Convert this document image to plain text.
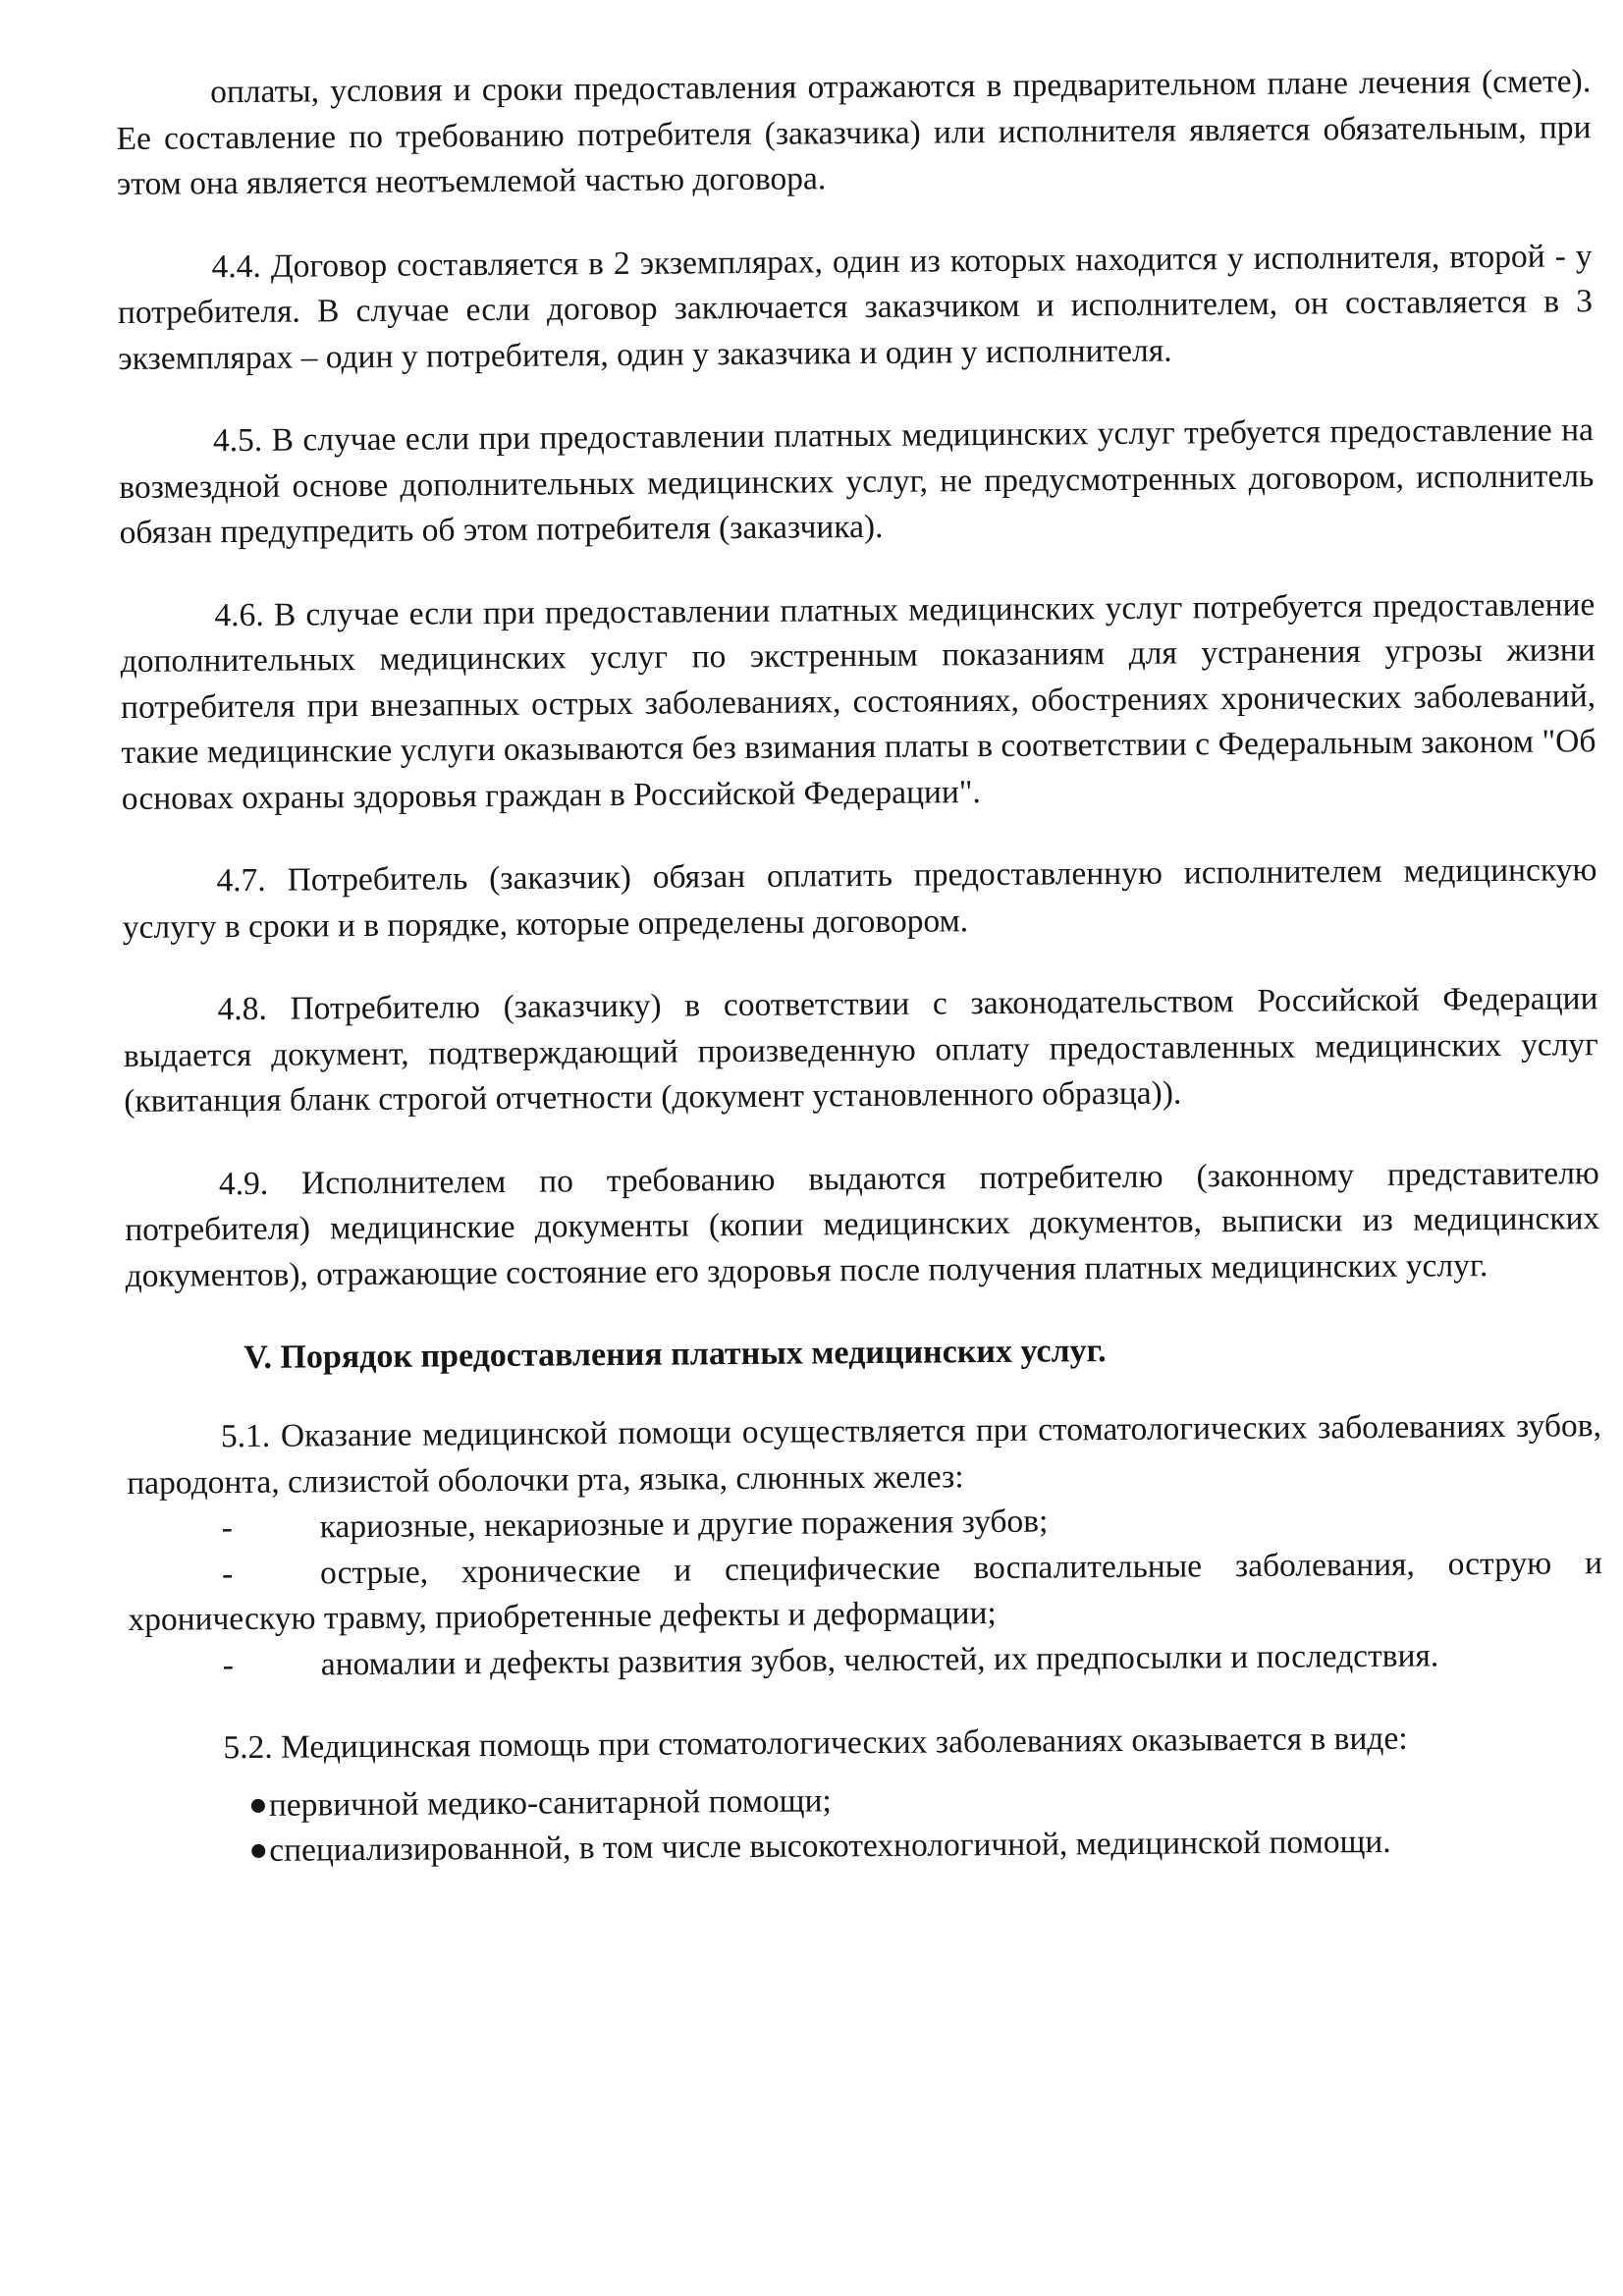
оплаты, условия и сроки предоставления отражаются в предварительном плане лечения (смете). Ее составление по требованию потребителя (заказчика) или исполнителя является обязательным, при этом она является неотъемлемой частью договора.

4.4. Договор составляется в 2 экземплярах, один из которых находится у исполнителя, второй - у потребителя. В случае если договор заключается заказчиком и исполнителем, он составляется в 3 экземплярах – один у потребителя, один у заказчика и один у исполнителя.

4.5. В случае если при предоставлении платных медицинских услуг требуется предоставление на возмездной основе дополнительных медицинских услуг, не предусмотренных договором, исполнитель обязан предупредить об этом потребителя (заказчика).

4.6. В случае если при предоставлении платных медицинских услуг потребуется предоставление дополнительных медицинских услуг по экстренным показаниям для устранения угрозы жизни потребителя при внезапных острых заболеваниях, состояниях, обострениях хронических заболеваний, такие медицинские услуги оказываются без взимания платы в соответствии с Федеральным законом "Об основах охраны здоровья граждан в Российской Федерации".

4.7. Потребитель (заказчик) обязан оплатить предоставленную исполнителем медицинскую услугу в сроки и в порядке, которые определены договором.

4.8. Потребителю (заказчику) в соответствии с законодательством Российской Федерации выдается документ, подтверждающий произведенную оплату предоставленных медицинских услуг (квитанция бланк строгой отчетности (документ установленного образца)).

4.9. Исполнителем по требованию выдаются потребителю (законному представителю потребителя) медицинские документы (копии медицинских документов, выписки из медицинских документов), отражающие состояние его здоровья после получения платных медицинских услуг.

V. Порядок предоставления платных медицинских услуг.

5.1. Оказание медицинской помощи осуществляется при стоматологических заболеваниях зубов, пародонта, слизистой оболочки рта, языка, слюнных желез:

-	кариозные, некариозные и другие поражения зубов;

-	острые, хронические и специфические воспалительные заболевания, острую и хроническую травму, приобретенные дефекты и деформации;

-	аномалии и дефекты развития зубов, челюстей, их предпосылки и последствия.

5.2. Медицинская помощь при стоматологических заболеваниях оказывается в виде:

первичной медико-санитарной помощи;
специализированной, в том числе высокотехнологичной, медицинской помощи.
